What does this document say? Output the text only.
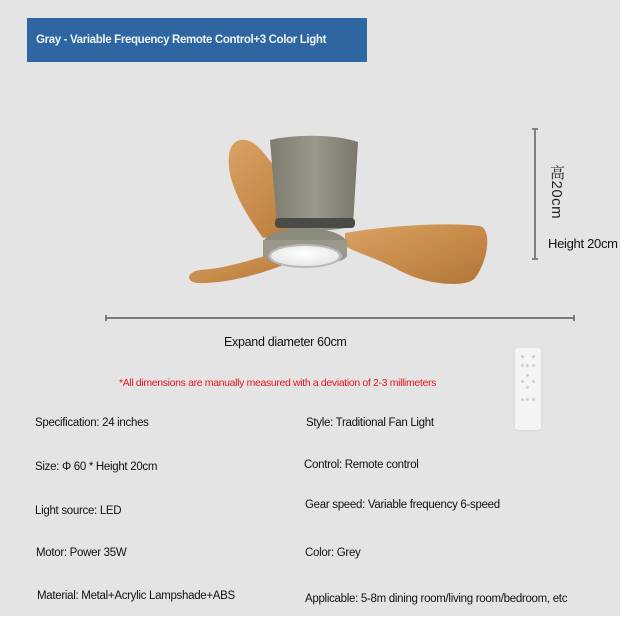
Gray - Variable Frequency Remote Control+3 Color Light
高20cm
Height 20cm
Expand diameter 60cm
*All dimensions are manually measured with a deviation of 2-3 millimeters
Specification: 24 inches
Size: Φ 60 * Height 20cm
Light source: LED
Motor: Power 35W
Material: Metal+Acrylic Lampshade+ABS
Style: Traditional Fan Light
Control: Remote control
Gear speed: Variable frequency 6-speed
Color: Grey
Applicable: 5-8m dining room/living room/bedroom, etc
